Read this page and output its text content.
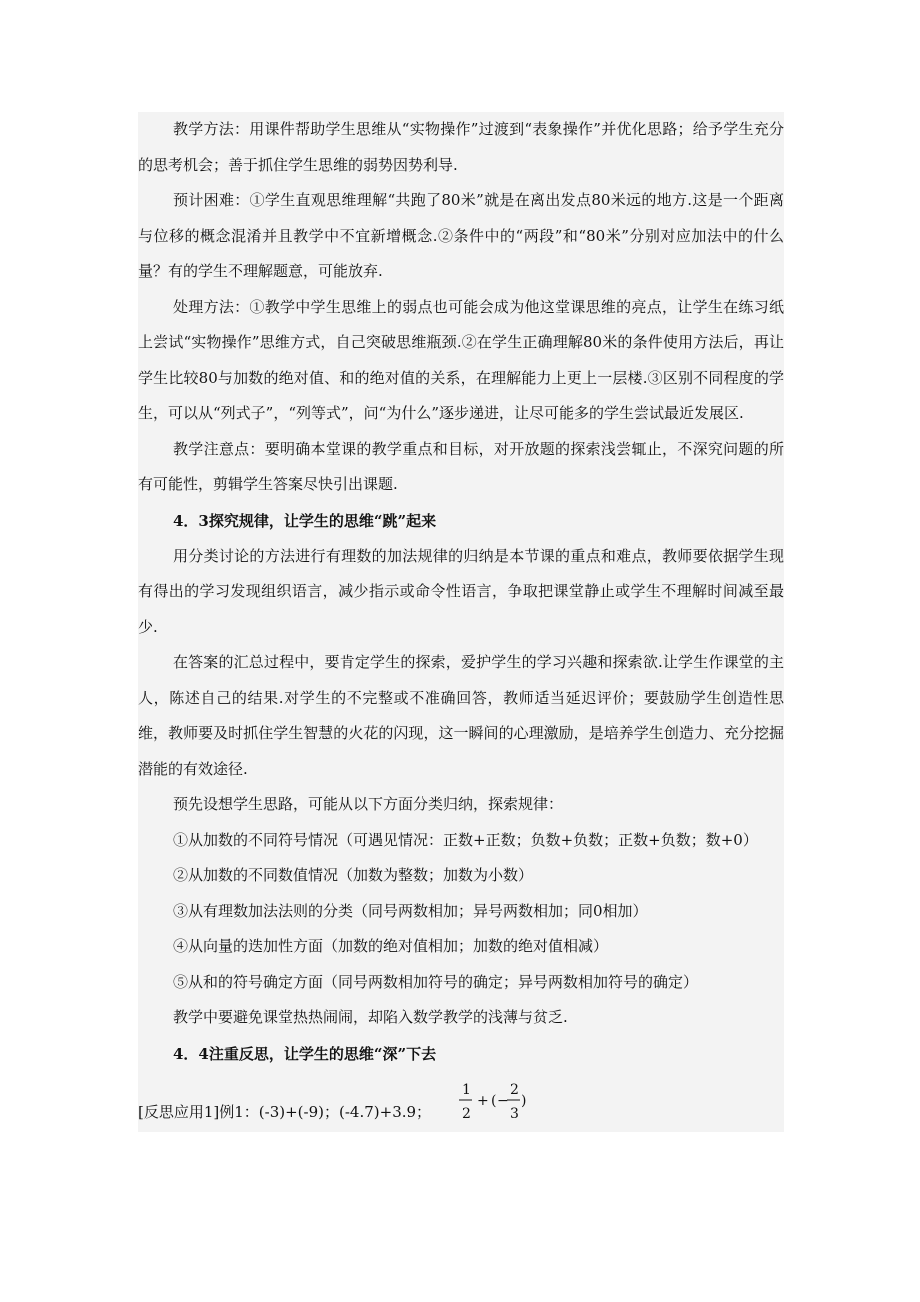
教学方法：用课件帮助学生思维从“实物操作”过渡到“表象操作”并优化思路；给予学生充分的思考机会；善于抓住学生思维的弱势因势利导.

预计困难：①学生直观思维理解“共跑了80米”就是在离出发点80米远的地方.这是一个距离与位移的概念混淆并且教学中不宜新增概念.②条件中的“两段”和“80米”分别对应加法中的什么量？有的学生不理解题意，可能放弃.

处理方法：①教学中学生思维上的弱点也可能会成为他这堂课思维的亮点，让学生在练习纸上尝试“实物操作”思维方式，自己突破思维瓶颈.②在学生正确理解80米的条件使用方法后，再让学生比较80与加数的绝对值、和的绝对值的关系，在理解能力上更上一层楼.③区别不同程度的学生，可以从“列式子”，“列等式”，问“为什么”逐步递进，让尽可能多的学生尝试最近发展区.

教学注意点：要明确本堂课的教学重点和目标，对开放题的探索浅尝辄止，不深究问题的所有可能性，剪辑学生答案尽快引出课题.

4．3探究规律，让学生的思维“跳”起来

用分类讨论的方法进行有理数的加法规律的归纳是本节课的重点和难点，教师要依据学生现有得出的学习发现组织语言，减少指示或命令性语言，争取把课堂静止或学生不理解时间减至最少.

在答案的汇总过程中，要肯定学生的探索，爱护学生的学习兴趣和探索欲.让学生作课堂的主人，陈述自己的结果.对学生的不完整或不准确回答，教师适当延迟评价；要鼓励学生创造性思维，教师要及时抓住学生智慧的火花的闪现，这一瞬间的心理激励，是培养学生创造力、充分挖掘潜能的有效途径.

预先设想学生思路，可能从以下方面分类归纳，探索规律：

①从加数的不同符号情况（可遇见情况：正数+正数；负数+负数；正数+负数；数+0）
②从加数的不同数值情况（加数为整数；加数为小数）
③从有理数加法法则的分类（同号两数相加；异号两数相加；同0相加）
④从向量的迭加性方面（加数的绝对值相加；加数的绝对值相减）
⑤从和的符号确定方面（同号两数相加符号的确定；异号两数相加符号的确定）

教学中要避免课堂热热闹闹，却陷入数学教学的浅薄与贫乏.

4．4注重反思，让学生的思维“深”下去

[反思应用1]例1：(-3)+(-9)；(-4.7)+3.9；
1
2
+ ( −
2
3
)
